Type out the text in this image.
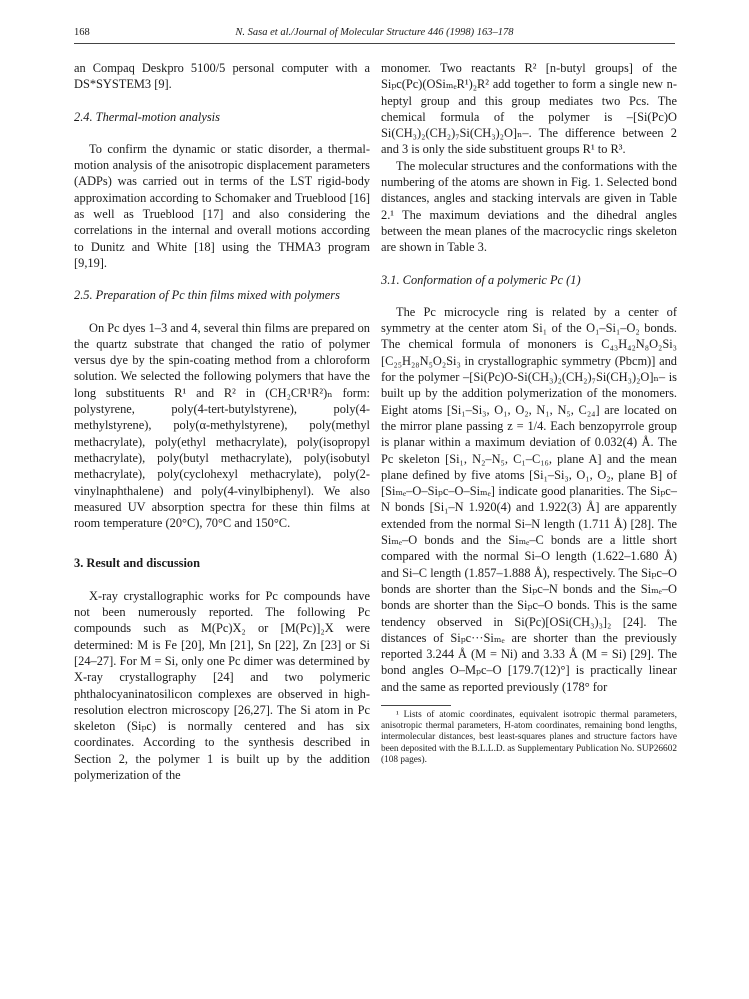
168	N. Sasa et al./Journal of Molecular Structure 446 (1998) 163–178

an Compaq Deskpro 5100/5 personal computer with a DS*SYSTEM3 [9].

2.4. Thermal-motion analysis

To confirm the dynamic or static disorder, a thermal-motion analysis of the anisotropic displacement parameters (ADPs) was carried out in terms of the LST rigid-body approximation according to Schomaker and Trueblood [16] as well as Trueblood [17] and also considering the correlations in the internal and overall motions according to Dunitz and White [18] using the THMA3 program [9,19].

2.5. Preparation of Pc thin films mixed with polymers

On Pc dyes 1–3 and 4, several thin films are prepared on the quartz substrate that changed the ratio of polymer versus dye by the spin-coating method from a chloroform solution. We selected the following polymers that have the long substituents R¹ and R² in (CH₂CR¹R²)ₙ form: polystyrene, poly(4-tert-butylstyrene), poly(4-methylstyrene), poly(α-methylstyrene), poly(methyl methacrylate), poly(ethyl methacrylate), poly(isopropyl methacrylate), poly(butyl methacrylate), poly(isobutyl methacrylate), poly(cyclohexyl methacrylate), poly(2-vinylnaphthalene) and poly(4-vinylbiphenyl). We also measured UV absorption spectra for these thin films at room temperature (20°C), 70°C and 150°C.

3. Result and discussion

X-ray crystallographic works for Pc compounds have not been numerously reported. The following Pc compounds such as M(Pc)X₂ or [M(Pc)]₂X were determined: M is Fe [20], Mn [21], Sn [22], Zn [23] or Si [24–27]. For M = Si, only one Pc dimer was determined by X-ray crystallography [24] and two polymeric phthalocyaninatosilicon complexes are observed in high-resolution electron microscopy [26,27]. The Si atom in Pc skeleton (Siₚc) is normally centered and has six coordinates. According to the synthesis described in Section 2, the polymer 1 is built up by the addition polymerization of the

monomer. Two reactants R² [n-butyl groups] of the Siₚc(Pc)(OSiₘₑR¹)₂R² add together to form a single new n-heptyl group and this group mediates two Pcs. The chemical formula of the polymer is –[Si(Pc)O Si(CH₃)₂(CH₂)₇Si(CH₃)₂O]ₙ–. The difference between 2 and 3 is only the side substituent groups R¹ to R³.

The molecular structures and the conformations with the numbering of the atoms are shown in Fig. 1. Selected bond distances, angles and stacking intervals are given in Table 2.¹ The maximum deviations and the dihedral angles between the mean planes of the macrocyclic rings skeleton are shown in Table 3.

3.1. Conformation of a polymeric Pc (1)

The Pc microcycle ring is related by a center of symmetry at the center atom Si₁ of the O₁–Si₁–O₂ bonds. The chemical formula of mononers is C₄₃H₄₂N₈O₂Si₃ [C₂₅H₂₈N₅O₂Si₃ in crystallographic symmetry (Pbcm)] and for the polymer –[Si(Pc)O-Si(CH₃)₂(CH₂)₇Si(CH₃)₂O]ₙ– is built up by the addition polymerization of the monomers. Eight atoms [Si₁–Si₃, O₁, O₂, N₁, N₅, C₂₄] are located on the mirror plane passing z = 1/4. Each benzopyrrole group is planar within a maximum deviation of 0.032(4) Å. The Pc skeleton [Si₁, N₂–N₅, C₁–C₁₆, plane A] and the mean plane defined by five atoms [Si₁–Si₃, O₁, O₂, plane B] of [Siₘₑ–O–Siₚc–O–Siₘₑ] indicate good planarities. The Siₚc–N bonds [Si₁–N 1.920(4) and 1.922(3) Å] are apparently extended from the normal Si–N length (1.711 Å) [28]. The Siₘₑ–O bonds and the Siₘₑ–C bonds are a little short compared with the normal Si–O length (1.622–1.680 Å) and Si–C length (1.857–1.888 Å), respectively. The Siₚc–O bonds are shorter than the Siₚc–N bonds and the Siₘₑ–O bonds are shorter than the Siₚc–O bonds. This is the same tendency observed in Si(Pc)[OSi(CH₃)₃]₂ [24]. The distances of Siₚc···Siₘₑ are shorter than the previously reported 3.244 Å (M = Ni) and 3.33 Å (M = Si) [29]. The bond angles O–Mₚc–O [179.7(12)°] is practically linear and the same as reported previously (178° for

¹ Lists of atomic coordinates, equivalent isotropic thermal parameters, anisotropic thermal parameters, H-atom coordinates, remaining bond lengths, intermolecular distances, best least-squares planes and structure factors have been deposited with the B.L.L.D. as Supplementary Publication No. SUP26602 (108 pages).
